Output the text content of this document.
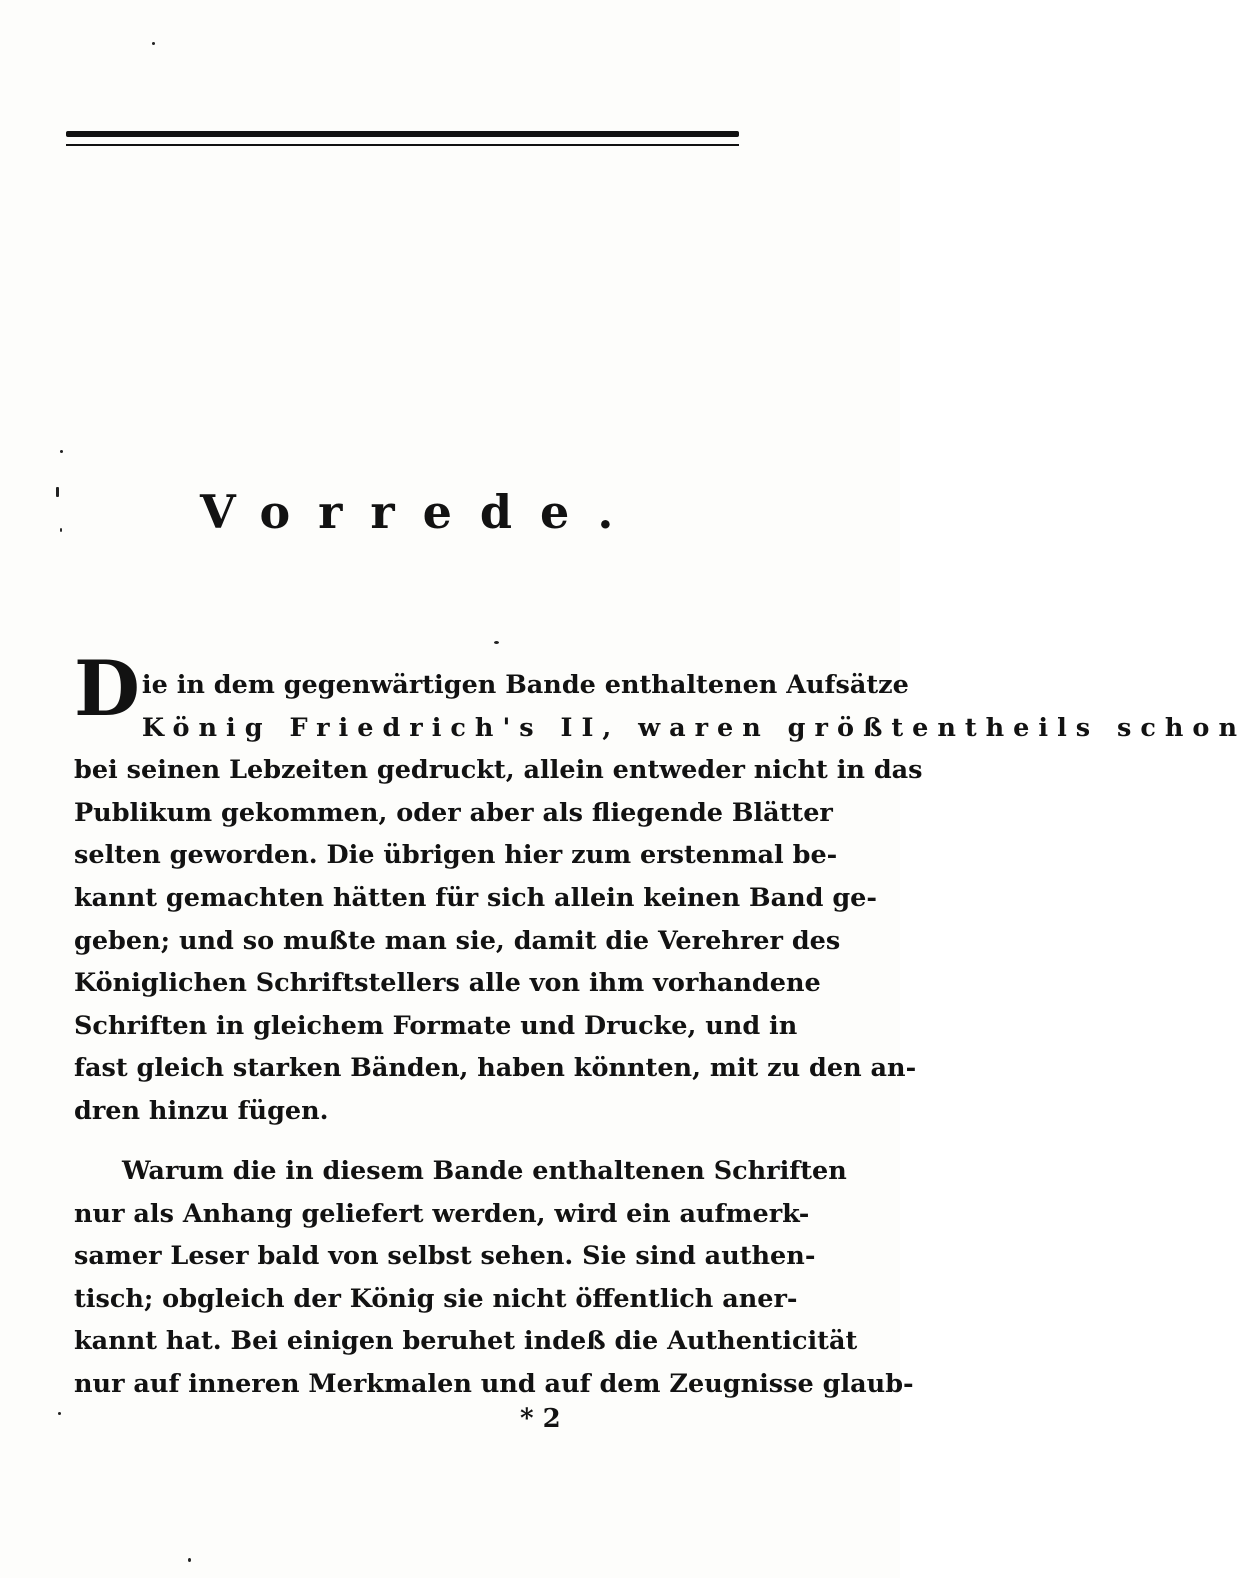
Vorrede.
D ie in dem gegenwärtigen Bande enthaltenen Aufsätze
König Friedrich's II, waren größtentheils schon
bei seinen Lebzeiten gedruckt, allein entweder nicht in das
Publikum gekommen, oder aber als fliegende Blätter
selten geworden. Die übrigen hier zum erstenmal be-
kannt gemachten hätten für sich allein keinen Band ge-
geben; und so mußte man sie, damit die Verehrer des
Königlichen Schriftstellers alle von ihm vorhandene
Schriften in gleichem Formate und Drucke, und in
fast gleich starken Bänden, haben könnten, mit zu den an-
dren hinzu fügen.
Warum die in diesem Bande enthaltenen Schriften
nur als Anhang geliefert werden, wird ein aufmerk-
samer Leser bald von selbst sehen. Sie sind authen-
tisch; obgleich der König sie nicht öffentlich aner-
kannt hat. Bei einigen beruhet indeß die Authenticität
nur auf inneren Merkmalen und auf dem Zeugnisse glaub-
* 2
